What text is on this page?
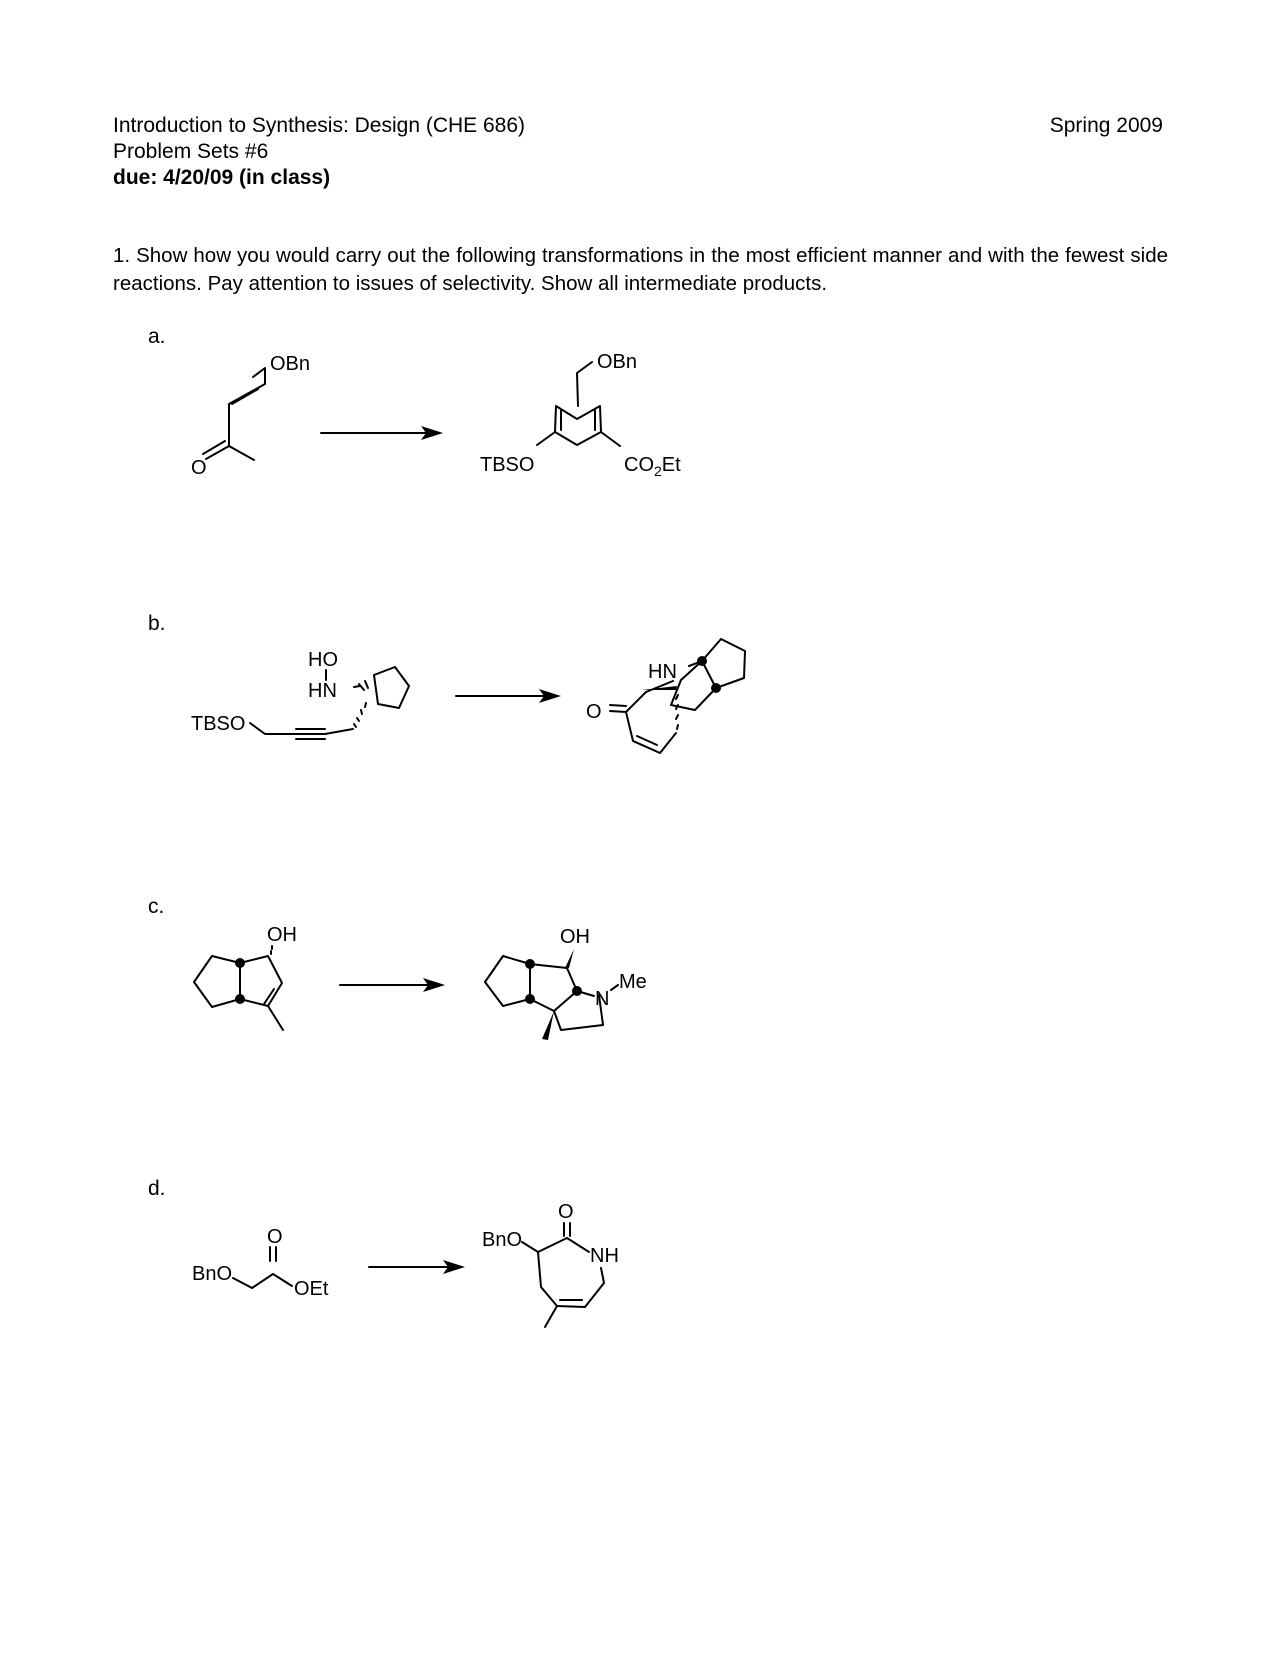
Introduction to Synthesis: Design (CHE 686)
Problem Sets #6
due: 4/20/09 (in class)
Spring 2009
1. Show how you would carry out the following transformations in the most efficient manner and with the fewest side reactions. Pay attention to issues of selectivity. Show all intermediate products.
a.
b.
c.
d.
OBn
O
OBn
TBSO	$CO_2Et$
HO
HN
TBSO
HN
O
OH	OH
N
Me
O
BnO
OEt
O
BnO
NH
